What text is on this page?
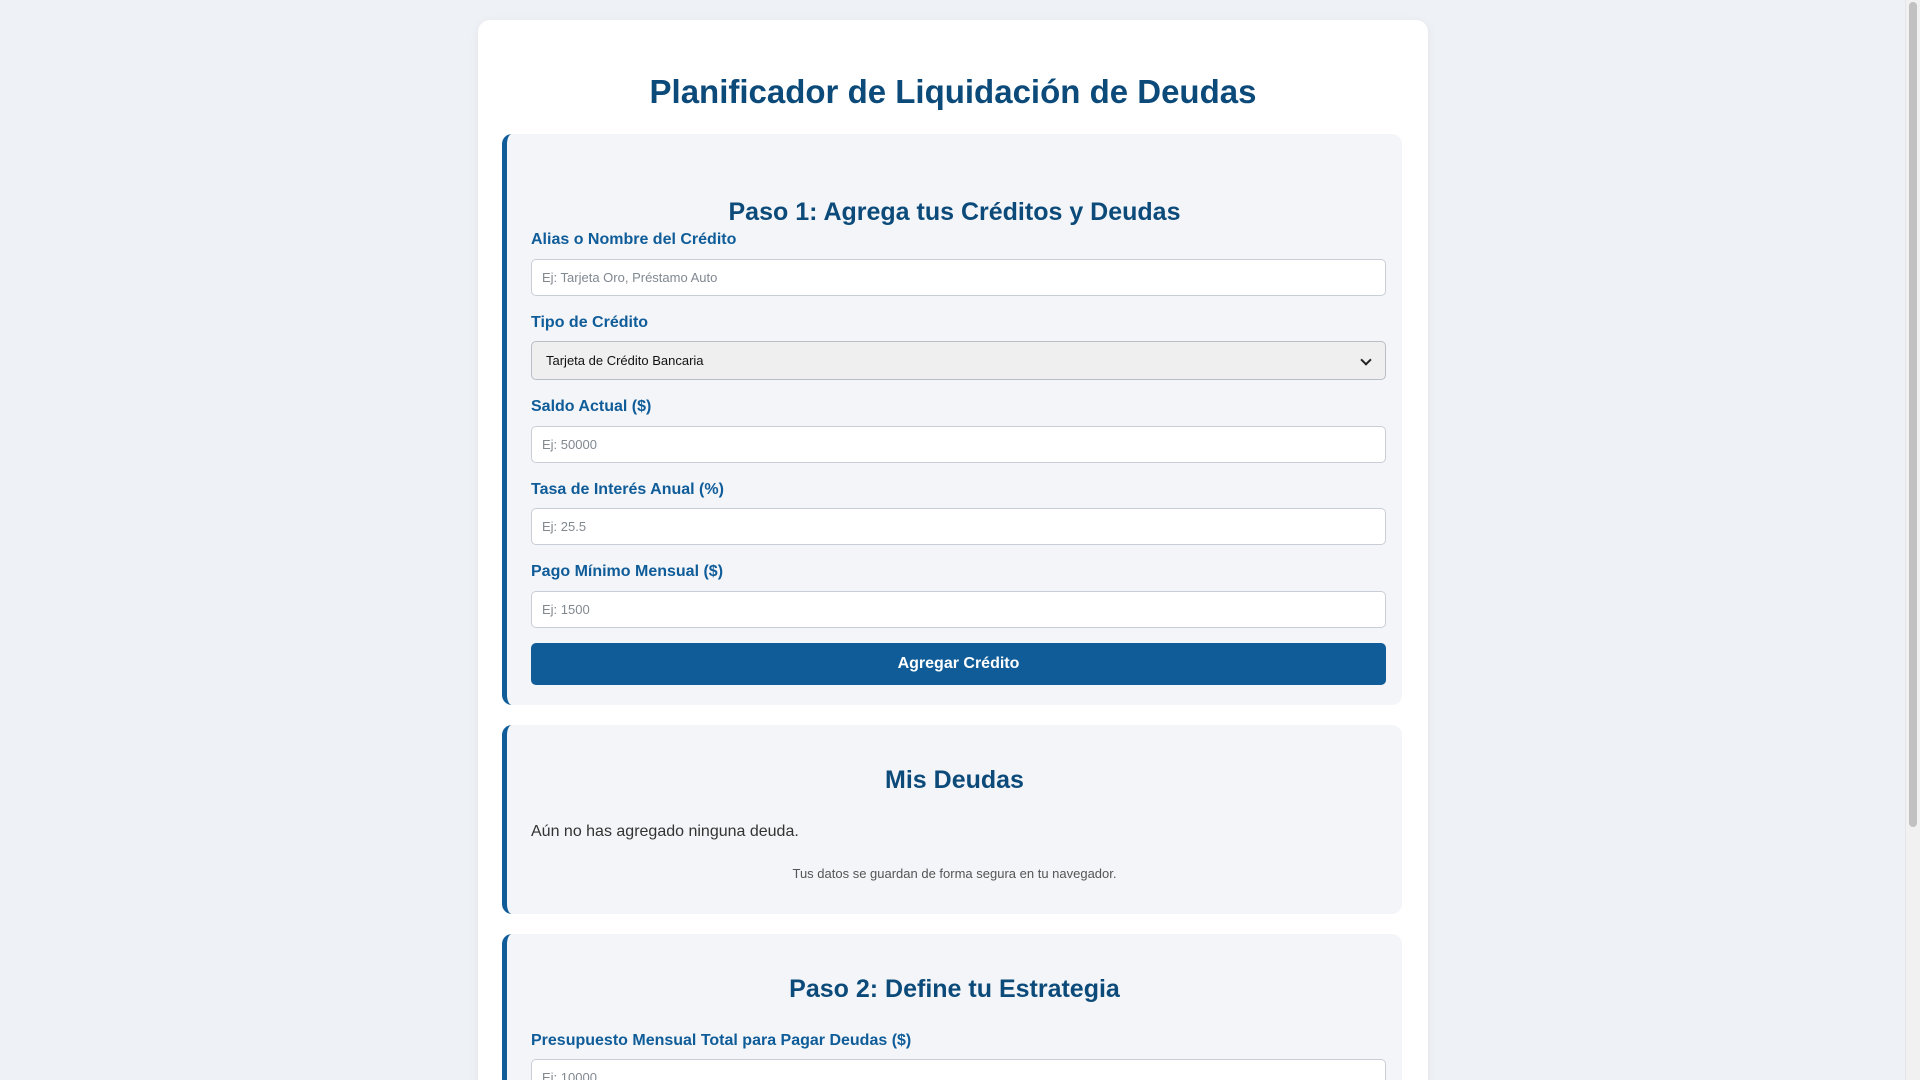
Planificador de Liquidación de Deudas
Paso 1: Agrega tus Créditos y Deudas
Alias o Nombre del Crédito
Ej: Tarjeta Oro, Préstamo Auto
Tipo de Crédito
Tarjeta de Crédito Bancaria
Saldo Actual ($)
Ej: 50000
Tasa de Interés Anual (%)
Ej: 25.5
Pago Mínimo Mensual ($)
Ej: 1500
Agregar Crédito
Mis Deudas

Aún no has agregado ninguna deuda.

Tus datos se guardan de forma segura en tu navegador.

Paso 2: Define tu Estrategia
Presupuesto Mensual Total para Pagar Deudas ($)
Ej: 10000
